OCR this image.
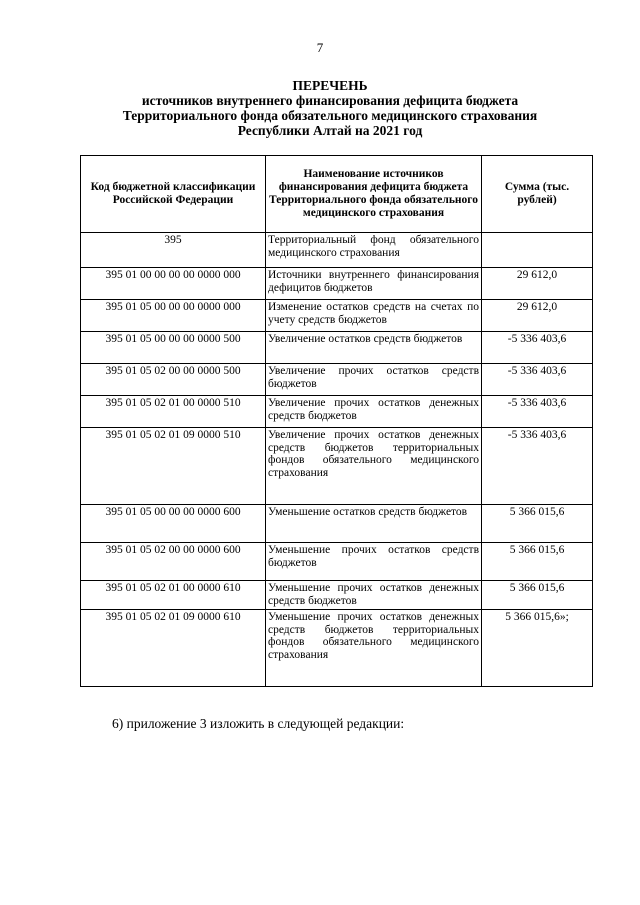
7
ПЕРЕЧЕНЬ
источников внутреннего финансирования дефицита бюджета
Территориального фонда обязательного медицинского страхования
Республики Алтай на 2021 год
Код бюджетной классификации Российской Федерации	Наименование источников финансирования дефицита бюджета Территориального фонда обязательного медицинского страхования	Сумма (тыс. рублей)
395	Территориальный фонд обязательного медицинского страхования	
395 01 00 00 00 00 0000 000	Источники внутреннего финансирования дефицитов бюджетов	29 612,0
395 01 05 00 00 00 0000 000	Изменение остатков средств на счетах по учету средств бюджетов	29 612,0
395 01 05 00 00 00 0000 500	Увеличение остатков средств бюджетов	-5 336 403,6
395 01 05 02 00 00 0000 500	Увеличение прочих остатков средств бюджетов	-5 336 403,6
395 01 05 02 01 00 0000 510	Увеличение прочих остатков денежных средств бюджетов	-5 336 403,6
395 01 05 02 01 09 0000 510	Увеличение прочих остатков денежных средств бюджетов территориальных фондов обязательного медицинского страхования	-5 336 403,6
395 01 05 00 00 00 0000 600	Уменьшение остатков средств бюджетов	5 366 015,6
395 01 05 02 00 00 0000 600	Уменьшение прочих остатков средств бюджетов	5 366 015,6
395 01 05 02 01 00 0000 610	Уменьшение прочих остатков денежных средств бюджетов	5 366 015,6
395 01 05 02 01 09 0000 610	Уменьшение прочих остатков денежных средств бюджетов территориальных фондов обязательного медицинского страхования	5 366 015,6»;
6) приложение 3 изложить в следующей редакции:
